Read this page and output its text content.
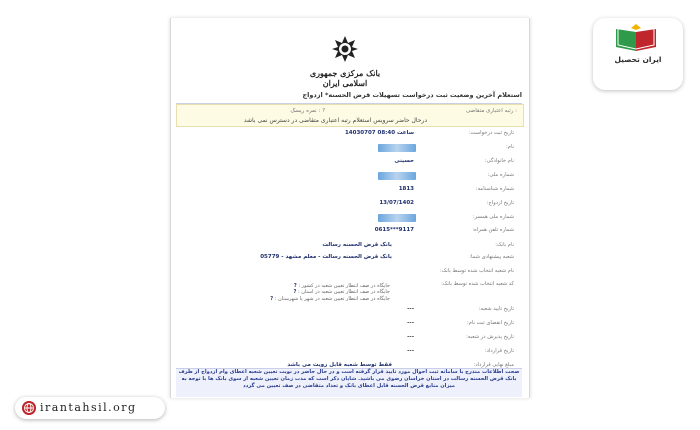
بانک مرکزی جمهوری اسلامی ایران
استعلام آخرین وضعیت ثبت درخواست تسهیلات قرض الحسنه* ازدواج
رتبه اعتباری متقاضی :
نمره ریسک : ?
درحال حاضر سرویس استعلام رتبه اعتباری متقاضی در دسترس نمی باشد
تاریخ ثبت درخواست:
14030707 ساعت 08:40
نام:
نام خانوادگی:
حسینی
شماره ملی:
شماره شناسنامه:
1813
تاریخ ازدواج:
13/07/1402
شماره ملی همسر:
شماره تلفن همراه:
0615***9117
نام بانک:
بانک قرض الحسنه رسالت
شعبه پیشنهادی شما:
بانک قرض الحسنه رسالت - معلم مشهد - 05779
نام شعبه انتخاب شده توسط بانک:
کد شعبه انتخاب شده توسط بانک:
تاریخ تایید شعبه:
---
تاریخ انقضای ثبت نام:
---
تاریخ پذیرش در شعبه:
---
تاریخ قرارداد:
---
مبلغ نهایی قرارداد:
فقط توسط شعبه قابل رویت می باشد
جایگاه در صف انتظار تعیین شعبه در کشور : ?
جایگاه در صف انتظار تعیین شعبه در استان : ?
جایگاه در صف انتظار تعیین شعبه در شهر یا شهرستان : ?
صحت اطلاعات مندرج با سامانه ثبت احوال مورد تایید قرار گرفته است و در حال حاضر در نوبت تعیین شعبه اعطای وام ازدواج از طرف بانک قرض الحسنه رسالت در استان خراسان رضوی می باشید. شایان ذکر است که مدت زمان تعیین شعبه از سوی بانک ها با توجه به میزان منابع قرض الحسنه قابل اعطای بانک و تعداد متقاضی در صف تعیین می گردد
ایران تحصیل
irantahsil.org
